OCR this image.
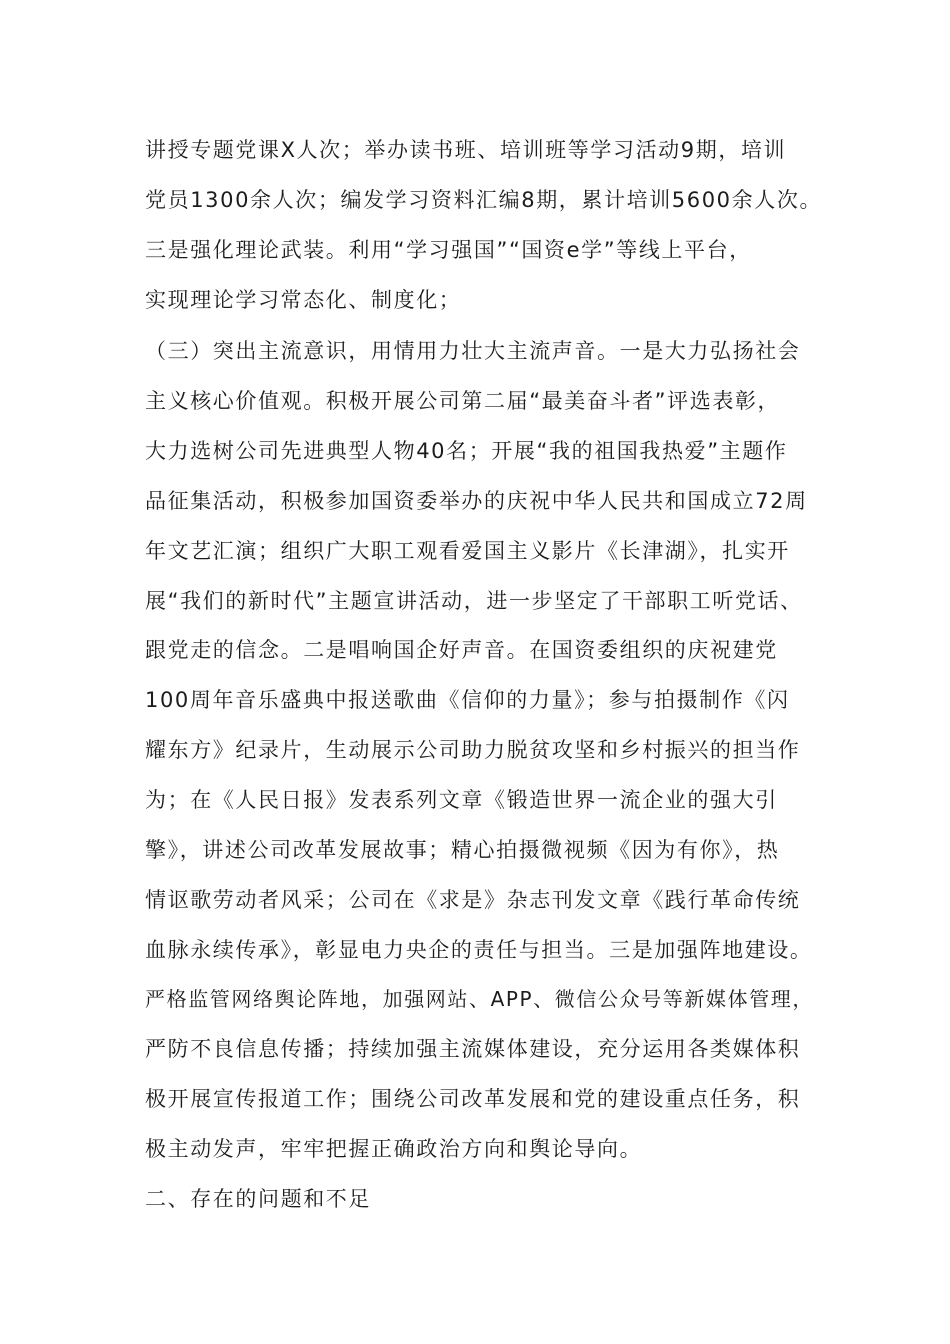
讲授专题党课X人次；举办读书班、培训班等学习活动9期，培训
党员1300余人次；编发学习资料汇编8期，累计培训5600余人次。
三是强化理论武装。利用“学习强国”“国资e学”等线上平台，
实现理论学习常态化、制度化；
（三）突出主流意识，用情用力壮大主流声音。一是大力弘扬社会
主义核心价值观。积极开展公司第二届“最美奋斗者”评选表彰，
大力选树公司先进典型人物40名；开展“我的祖国我热爱”主题作
品征集活动，积极参加国资委举办的庆祝中华人民共和国成立72周
年文艺汇演；组织广大职工观看爱国主义影片《长津湖》，扎实开
展“我们的新时代”主题宣讲活动，进一步坚定了干部职工听党话、
跟党走的信念。二是唱响国企好声音。在国资委组织的庆祝建党
100周年音乐盛典中报送歌曲《信仰的力量》；参与拍摄制作《闪
耀东方》纪录片，生动展示公司助力脱贫攻坚和乡村振兴的担当作
为；在《人民日报》发表系列文章《锻造世界一流企业的强大引
擎》，讲述公司改革发展故事；精心拍摄微视频《因为有你》，热
情讴歌劳动者风采；公司在《求是》杂志刊发文章《践行革命传统
血脉永续传承》，彰显电力央企的责任与担当。三是加强阵地建设。
严格监管网络舆论阵地，加强网站、APP、微信公众号等新媒体管理，
严防不良信息传播；持续加强主流媒体建设，充分运用各类媒体积
极开展宣传报道工作；围绕公司改革发展和党的建设重点任务，积
极主动发声，牢牢把握正确政治方向和舆论导向。
二、存在的问题和不足
